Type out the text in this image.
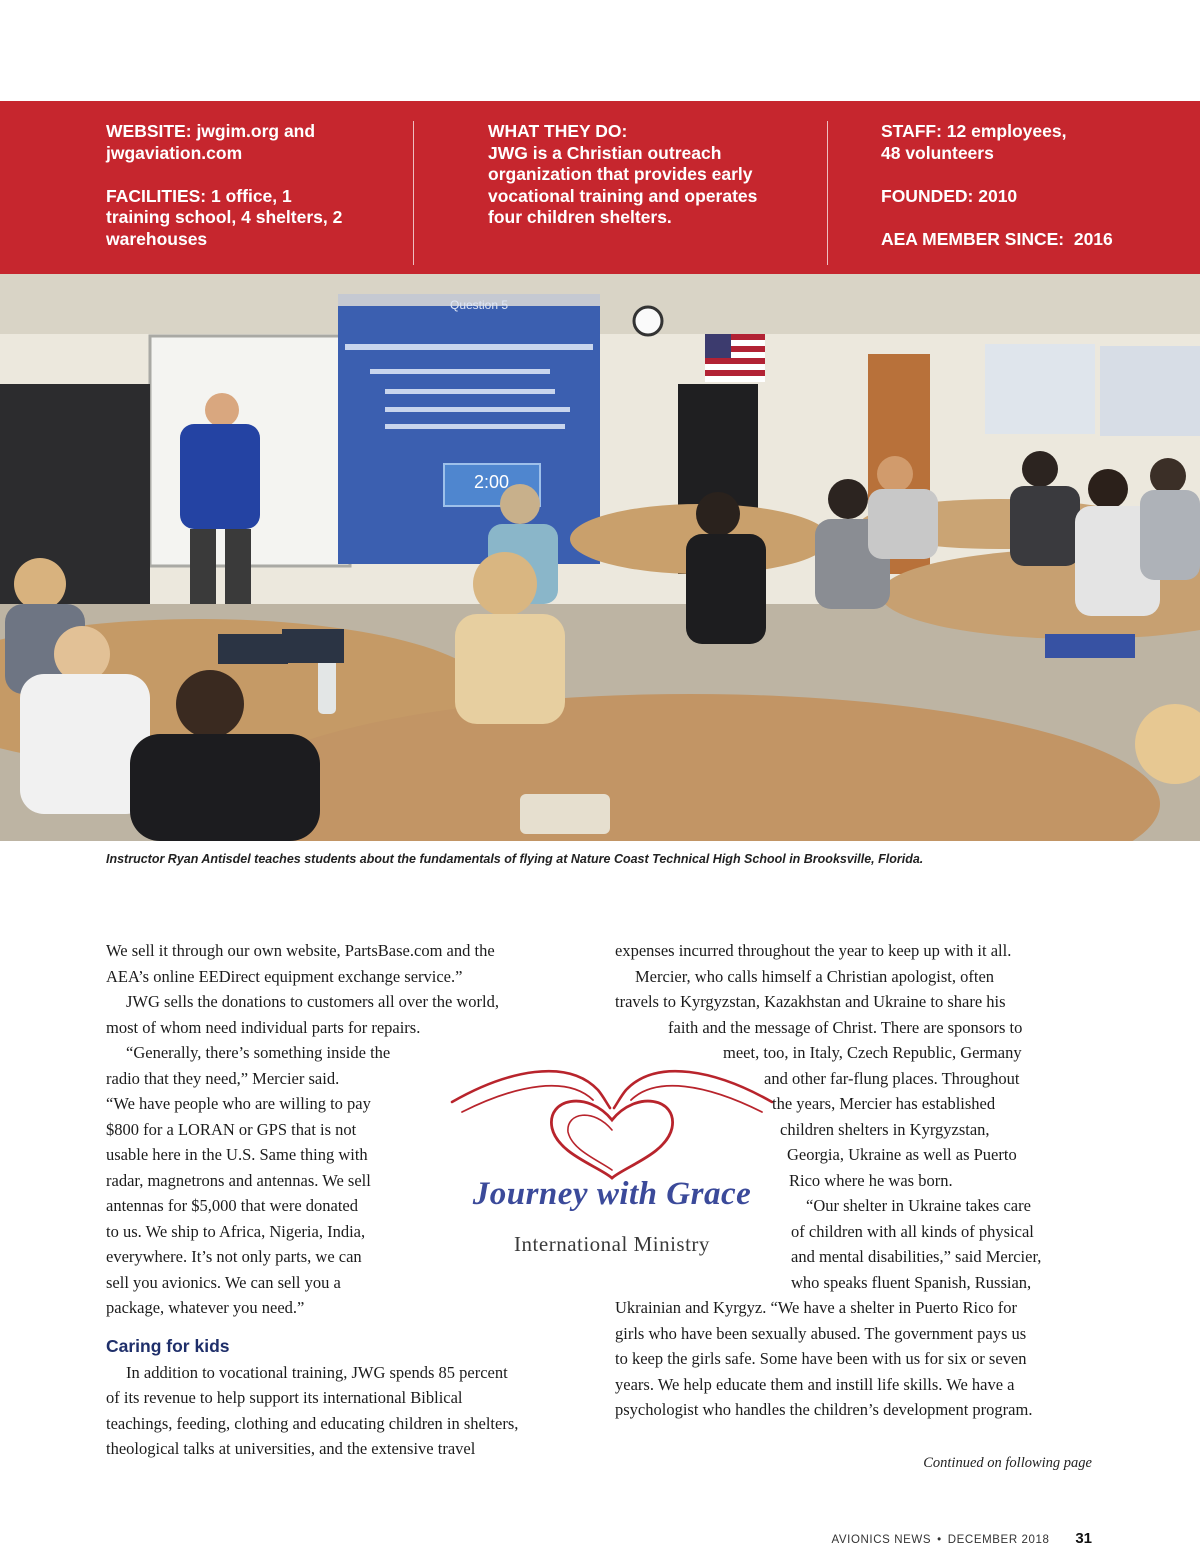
WEBSITE: jwgim.org and
jwgaviation.com

FACILITIES: 1 office, 1
training school, 4 shelters, 2
warehouses

WHAT THEY DO:
JWG is a Christian outreach
organization that provides early
vocational training and operates
four children shelters.

STAFF: 12 employees,
48 volunteers

FOUNDED: 2010

AEA MEMBER SINCE: 2016

Question 5
2:00

Instructor Ryan Antisdel teaches students about the fundamentals of flying at Nature Coast Technical High School in Brooksville, Florida.

We sell it through our own website, PartsBase.com and the

AEA’s online EEDirect equipment exchange service.”

JWG sells the donations to customers all over the world,

most of whom need individual parts for repairs.

“Generally, there’s something inside the

radio that they need,” Mercier said.

“We have people who are willing to pay

$800 for a LORAN or GPS that is not

usable here in the U.S. Same thing with

radar, magnetrons and antennas. We sell

antennas for $5,000 that were donated

to us. We ship to Africa, Nigeria, India,

everywhere. It’s not only parts, we can

sell you avionics. We can sell you a

package, whatever you need.”

Caring for kids

In addition to vocational training, JWG spends 85 percent

of its revenue to help support its international Biblical

teachings, feeding, clothing and educating children in shelters,

theological talks at universities, and the extensive travel

Journey with Grace
International Ministry

expenses incurred throughout the year to keep up with it all.

Mercier, who calls himself a Christian apologist, often

travels to Kyrgyzstan, Kazakhstan and Ukraine to share his

faith and the message of Christ. There are sponsors to

meet, too, in Italy, Czech Republic, Germany

and other far-flung places. Throughout

the years, Mercier has established

children shelters in Kyrgyzstan,

Georgia, Ukraine as well as Puerto

Rico where he was born.

“Our shelter in Ukraine takes care

of children with all kinds of physical

and mental disabilities,” said Mercier,

who speaks fluent Spanish, Russian,

Ukrainian and Kyrgyz. “We have a shelter in Puerto Rico for

girls who have been sexually abused. The government pays us

to keep the girls safe. Some have been with us for six or seven

years. We help educate them and instill life skills. We have a

psychologist who handles the children’s development program.

Continued on following page

AVIONICS NEWS • DECEMBER 2018 31
